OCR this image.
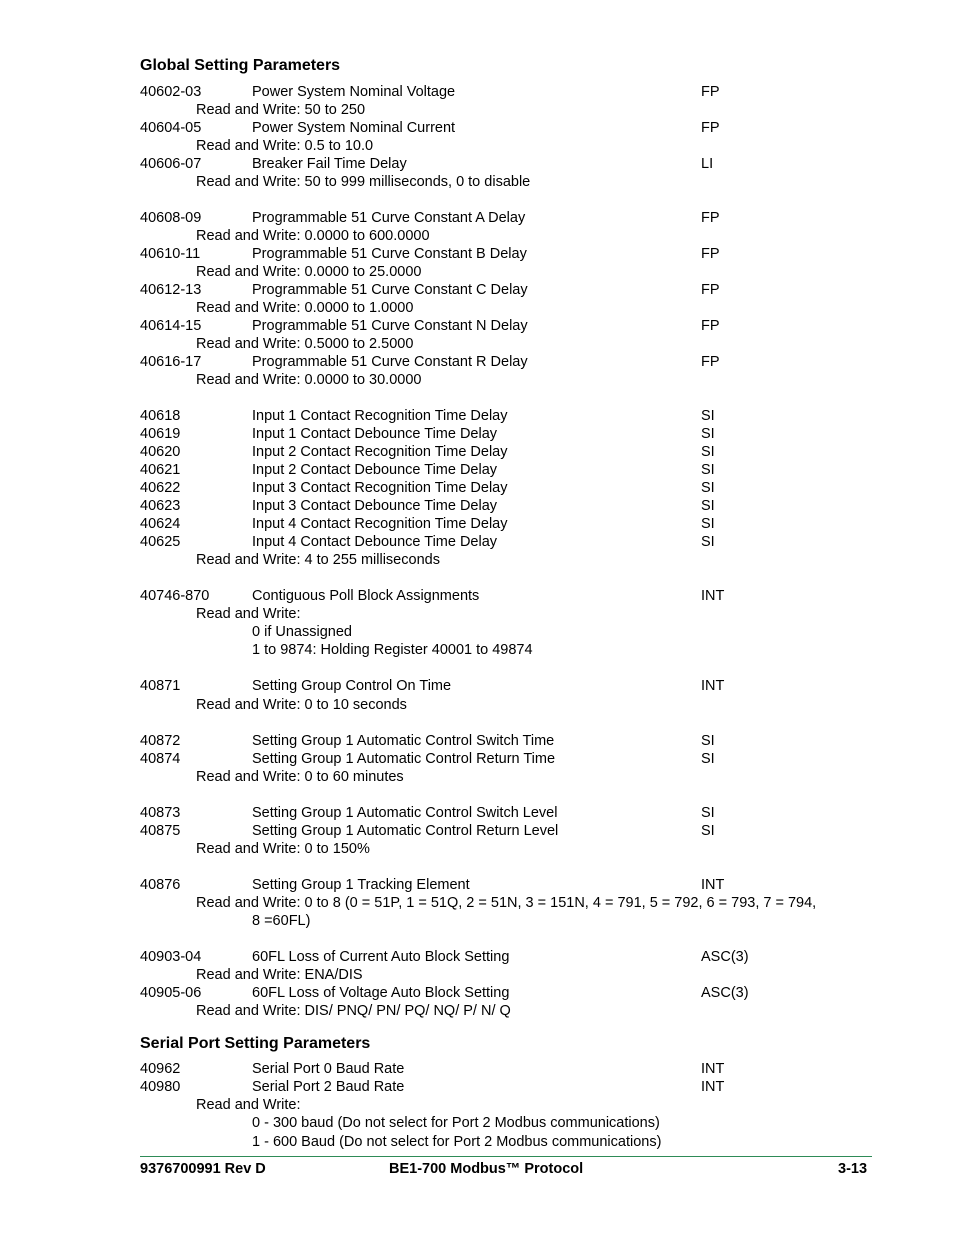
Global Setting Parameters
40602-03	Power System Nominal Voltage	FP
Read and Write: 50 to 250
40604-05	Power System Nominal Current	FP
Read and Write: 0.5 to 10.0
40606-07	Breaker Fail Time Delay	LI
Read and Write: 50 to 999 milliseconds, 0 to disable
40608-09	Programmable 51 Curve Constant A Delay	FP
Read and Write: 0.0000 to 600.0000
40610-11	Programmable 51 Curve Constant B Delay	FP
Read and Write: 0.0000 to 25.0000
40612-13	Programmable 51 Curve Constant C Delay	FP
Read and Write: 0.0000 to 1.0000
40614-15	Programmable 51 Curve Constant N Delay	FP
Read and Write: 0.5000 to 2.5000
40616-17	Programmable 51 Curve Constant R Delay	FP
Read and Write: 0.0000 to 30.0000
40618	Input 1 Contact Recognition Time Delay	SI
40619	Input 1 Contact Debounce Time Delay	SI
40620	Input 2 Contact Recognition Time Delay	SI
40621	Input 2 Contact Debounce Time Delay	SI
40622	Input 3 Contact Recognition Time Delay	SI
40623	Input 3 Contact Debounce Time Delay	SI
40624	Input 4 Contact Recognition Time Delay	SI
40625	Input 4 Contact Debounce Time Delay	SI
Read and Write: 4 to 255 milliseconds
40746-870	Contiguous Poll Block Assignments	INT
Read and Write:
0 if Unassigned
1 to 9874: Holding Register 40001 to 49874
40871	Setting Group Control On Time	INT
Read and Write: 0 to 10 seconds
40872	Setting Group 1 Automatic Control Switch Time	SI
40874	Setting Group 1 Automatic Control Return Time	SI
Read and Write: 0 to 60 minutes
40873	Setting Group 1 Automatic Control Switch Level	SI
40875	Setting Group 1 Automatic Control Return Level	SI
Read and Write: 0 to 150%
40876	Setting Group 1 Tracking Element	INT
Read and Write: 0 to 8 (0 = 51P, 1 = 51Q, 2 = 51N, 3 = 151N, 4 = 791, 5 = 792, 6 = 793, 7 = 794,
8 =60FL)
40903-04	60FL Loss of Current Auto Block Setting	ASC(3)
Read and Write: ENA/DIS
40905-06	60FL Loss of Voltage Auto Block Setting	ASC(3)
Read and Write: DIS/ PNQ/ PN/ PQ/ NQ/ P/ N/ Q
Serial Port Setting Parameters
40962	Serial Port 0 Baud Rate	INT
40980	Serial Port 2 Baud Rate	INT
Read and Write:
0 - 300 baud (Do not select for Port 2 Modbus communications)
1 - 600 Baud (Do not select for Port 2 Modbus communications)
9376700991 Rev D	BE1-700 Modbus™ Protocol	3-13
